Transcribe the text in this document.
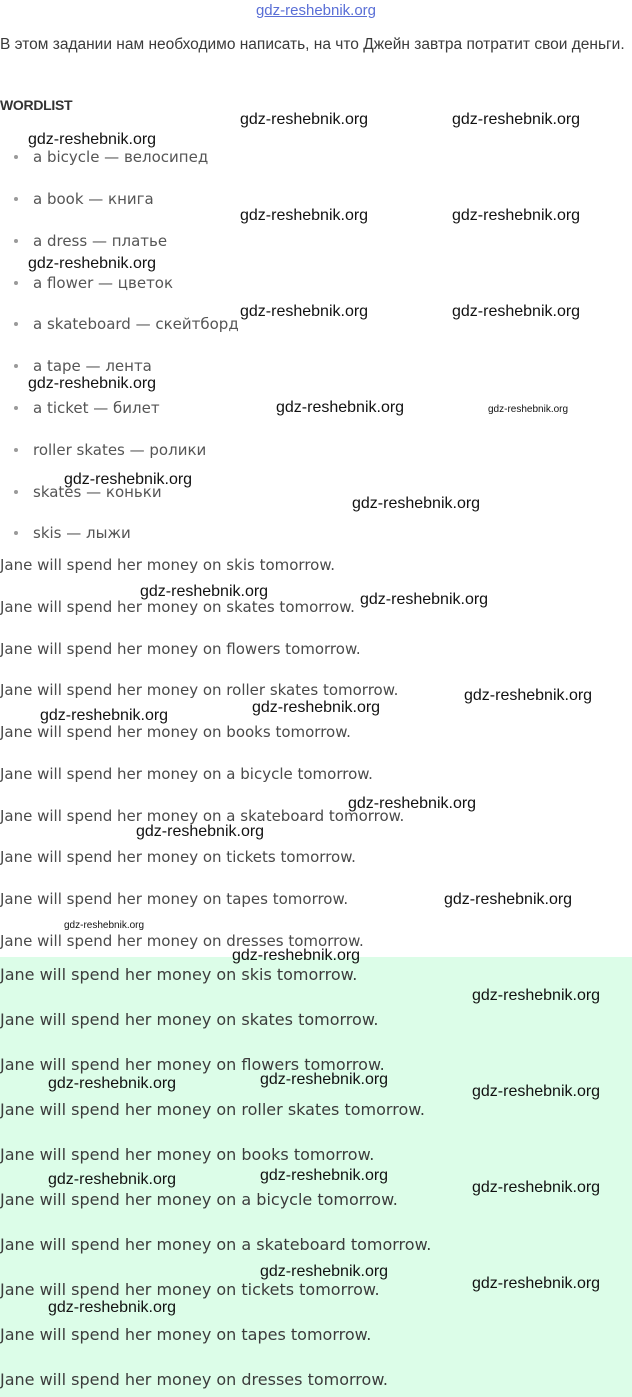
gdz-reshebnik.org
В этом задании нам необходимо написать, на что Джейн завтра потратит свои деньги.
WORDLIST
a bicycle — велосипед
a book — книга
a dress — платье
a flower — цветок
a skateboard — скейтборд
a tape — лента
a ticket — билет
roller skates — ролики
skates — коньки
skis — лыжи
Jane will spend her money on skis tomorrow.
Jane will spend her money on skates tomorrow.
Jane will spend her money on flowers tomorrow.
Jane will spend her money on roller skates tomorrow.
Jane will spend her money on books tomorrow.
Jane will spend her money on a bicycle tomorrow.
Jane will spend her money on a skateboard tomorrow.
Jane will spend her money on tickets tomorrow.
Jane will spend her money on tapes tomorrow.
Jane will spend her money on dresses tomorrow.
Jane will spend her money on skis tomorrow.
Jane will spend her money on skates tomorrow.
Jane will spend her money on flowers tomorrow.
Jane will spend her money on roller skates tomorrow.
Jane will spend her money on books tomorrow.
Jane will spend her money on a bicycle tomorrow.
Jane will spend her money on a skateboard tomorrow.
Jane will spend her money on tickets tomorrow.
Jane will spend her money on tapes tomorrow.
Jane will spend her money on dresses tomorrow.
gdz-reshebnik.org	gdz-reshebnik.org
gdz-reshebnik.org
gdz-reshebnik.org	gdz-reshebnik.org
gdz-reshebnik.org
gdz-reshebnik.org	gdz-reshebnik.org
gdz-reshebnik.org
gdz-reshebnik.org	gdz-reshebnik.org
gdz-reshebnik.org
gdz-reshebnik.org
gdz-reshebnik.org	gdz-reshebnik.org
gdz-reshebnik.org
gdz-reshebnik.org
gdz-reshebnik.org
gdz-reshebnik.org
gdz-reshebnik.org
gdz-reshebnik.org
gdz-reshebnik.org
gdz-reshebnik.org
gdz-reshebnik.org
gdz-reshebnik.org
gdz-reshebnik.org	gdz-reshebnik.org
gdz-reshebnik.org
gdz-reshebnik.org	gdz-reshebnik.org
gdz-reshebnik.org
gdz-reshebnik.org
gdz-reshebnik.org
